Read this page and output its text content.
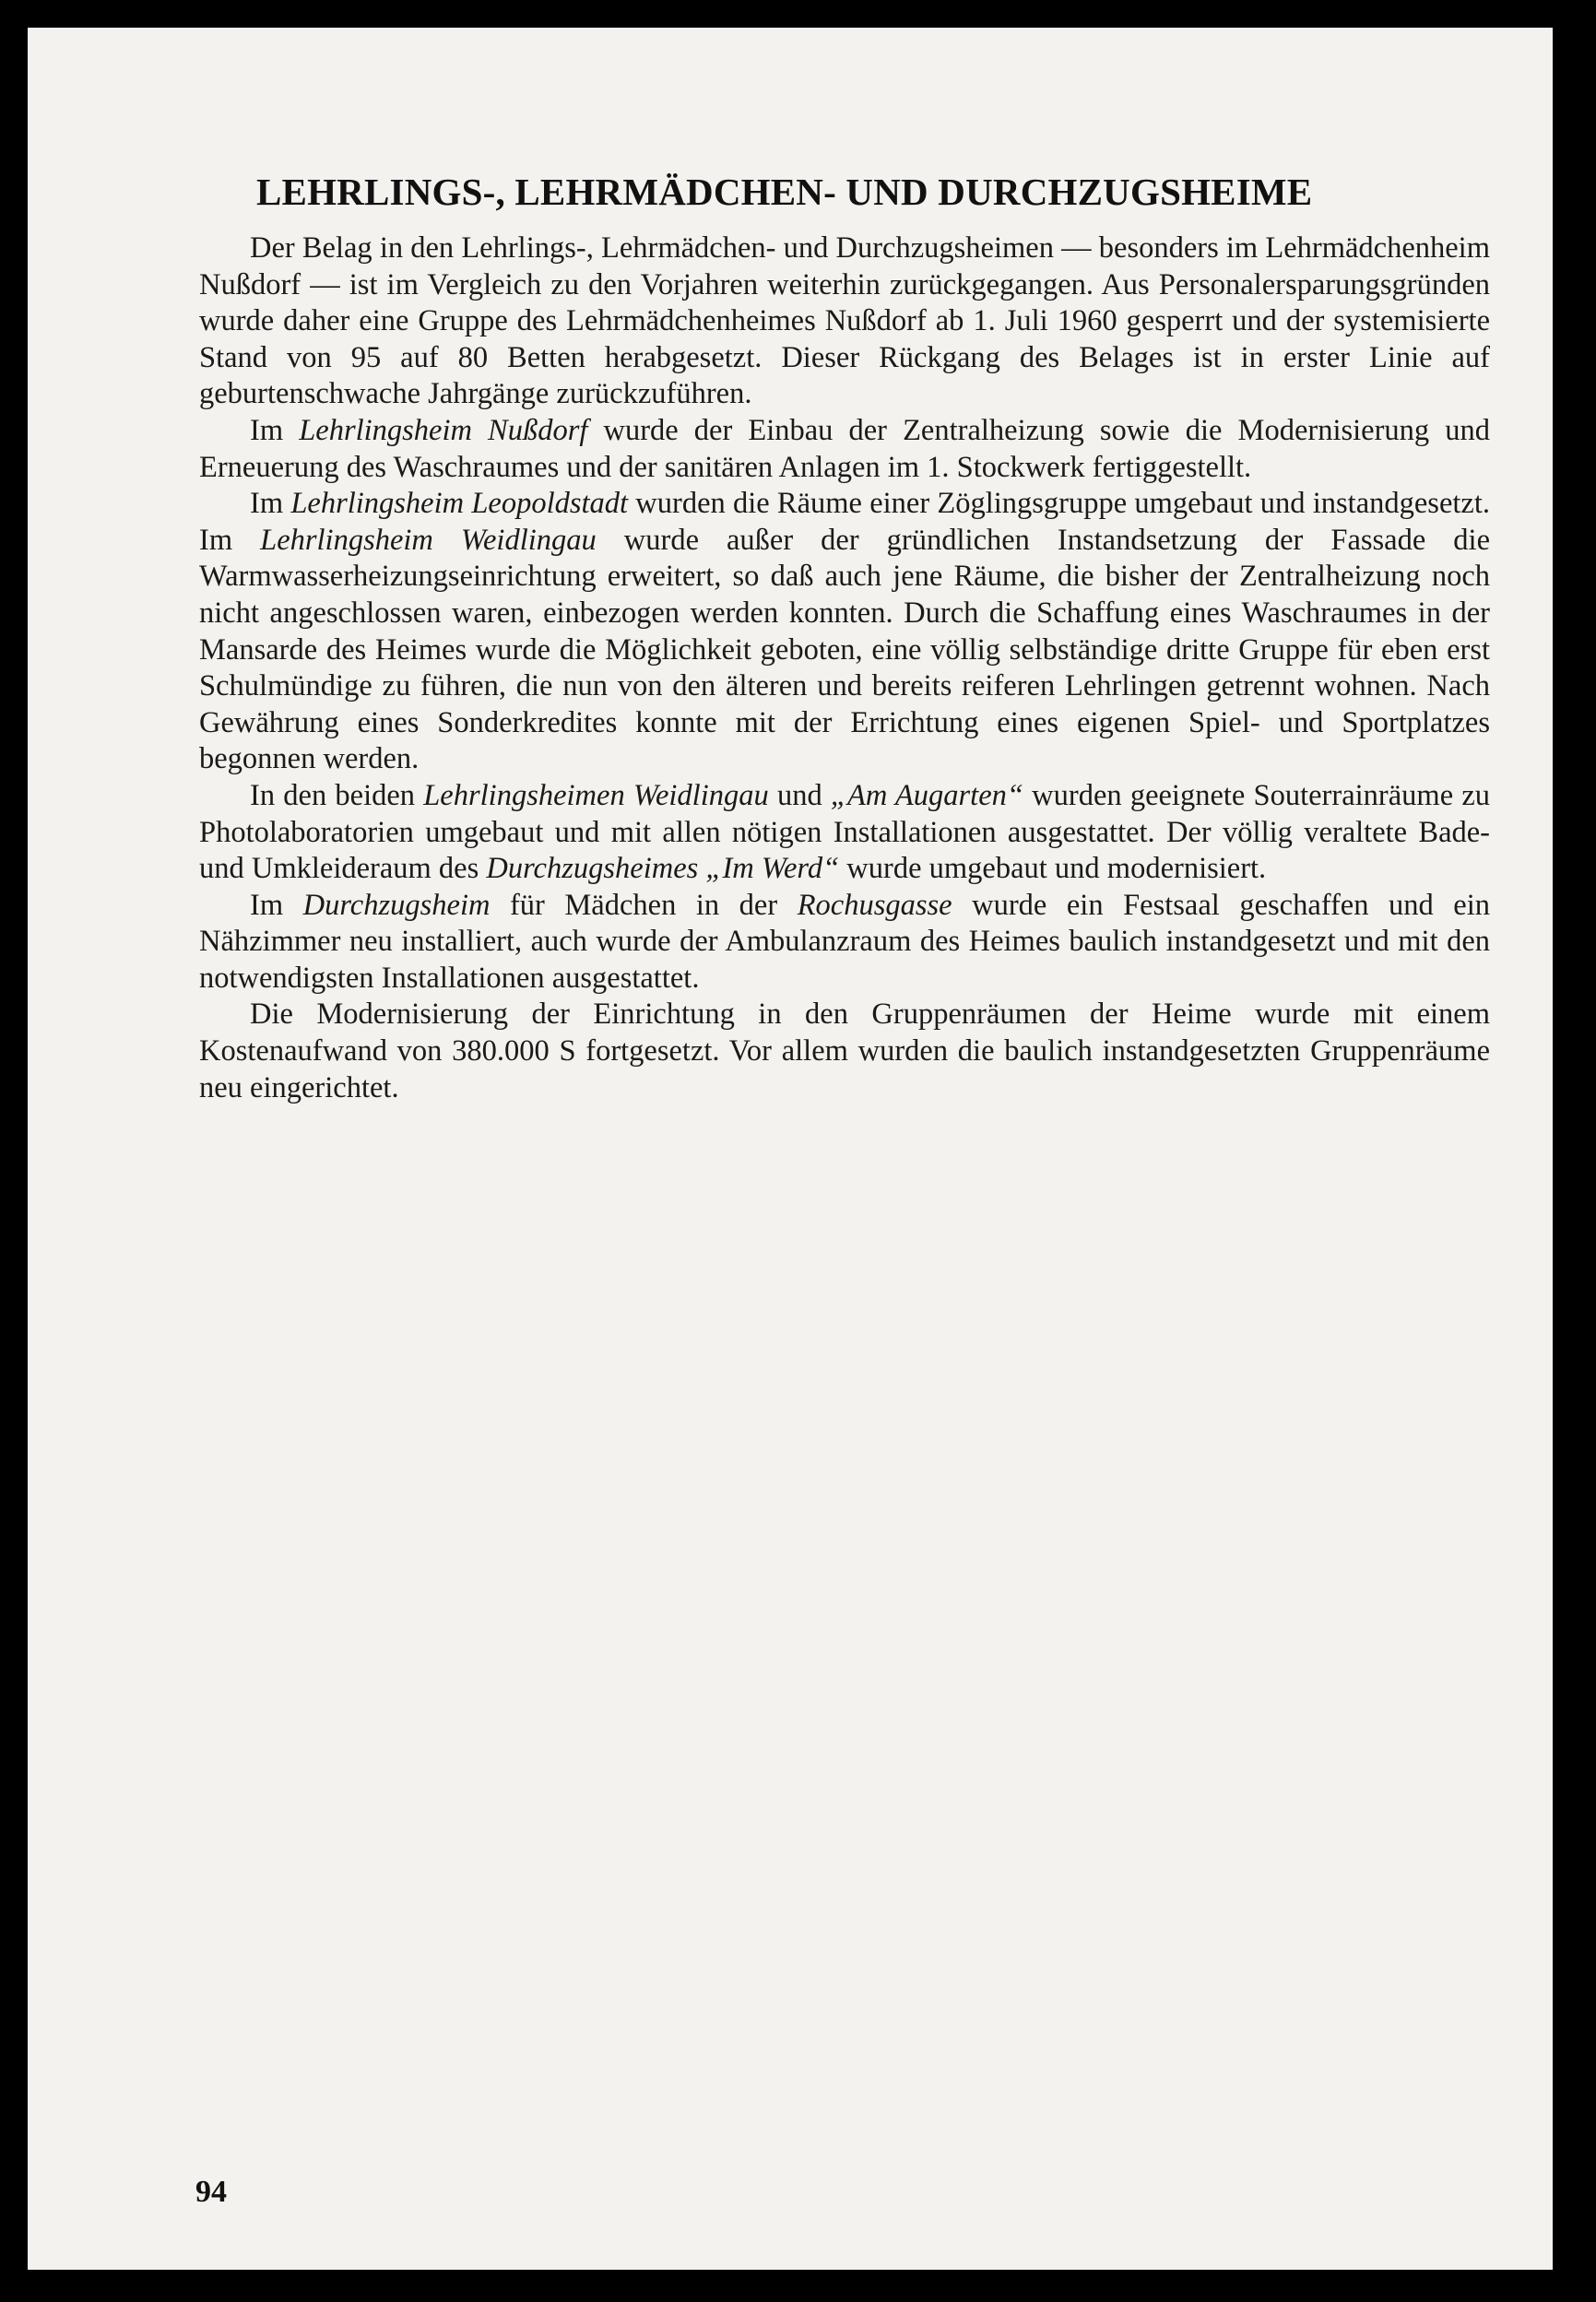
LEHRLINGS-, LEHRMÄDCHEN- UND DURCHZUGSHEIME

Der Belag in den Lehrlings-, Lehrmädchen- und Durchzugsheimen — besonders im Lehrmädchenheim Nußdorf — ist im Vergleich zu den Vorjahren weiterhin zurückgegangen. Aus Personalersparungsgründen wurde daher eine Gruppe des Lehrmädchenheimes Nußdorf ab 1. Juli 1960 gesperrt und der systemisierte Stand von 95 auf 80 Betten herabgesetzt. Dieser Rückgang des Belages ist in erster Linie auf geburtenschwache Jahrgänge zurückzuführen.

Im Lehrlingsheim Nußdorf wurde der Einbau der Zentralheizung sowie die Modernisierung und Erneuerung des Waschraumes und der sanitären Anlagen im 1. Stockwerk fertiggestellt.

Im Lehrlingsheim Leopoldstadt wurden die Räume einer Zöglingsgruppe umgebaut und instandgesetzt. Im Lehrlingsheim Weidlingau wurde außer der gründlichen Instandsetzung der Fassade die Warmwasserheizungseinrichtung erweitert, so daß auch jene Räume, die bisher der Zentralheizung noch nicht angeschlossen waren, einbezogen werden konnten. Durch die Schaffung eines Waschraumes in der Mansarde des Heimes wurde die Möglichkeit geboten, eine völlig selbständige dritte Gruppe für eben erst Schulmündige zu führen, die nun von den älteren und bereits reiferen Lehrlingen getrennt wohnen. Nach Gewährung eines Sonderkredites konnte mit der Errichtung eines eigenen Spiel- und Sportplatzes begonnen werden.

In den beiden Lehrlingsheimen Weidlingau und „Am Augarten“ wurden geeignete Souterrainräume zu Photolaboratorien umgebaut und mit allen nötigen Installationen ausgestattet. Der völlig veraltete Bade- und Umkleideraum des Durchzugsheimes „Im Werd“ wurde umgebaut und modernisiert.

Im Durchzugsheim für Mädchen in der Rochusgasse wurde ein Festsaal geschaffen und ein Nähzimmer neu installiert, auch wurde der Ambulanzraum des Heimes baulich instandgesetzt und mit den notwendigsten Installationen ausgestattet.

Die Modernisierung der Einrichtung in den Gruppenräumen der Heime wurde mit einem Kostenaufwand von 380.000 S fortgesetzt. Vor allem wurden die baulich instandgesetzten Gruppenräume neu eingerichtet.

94
